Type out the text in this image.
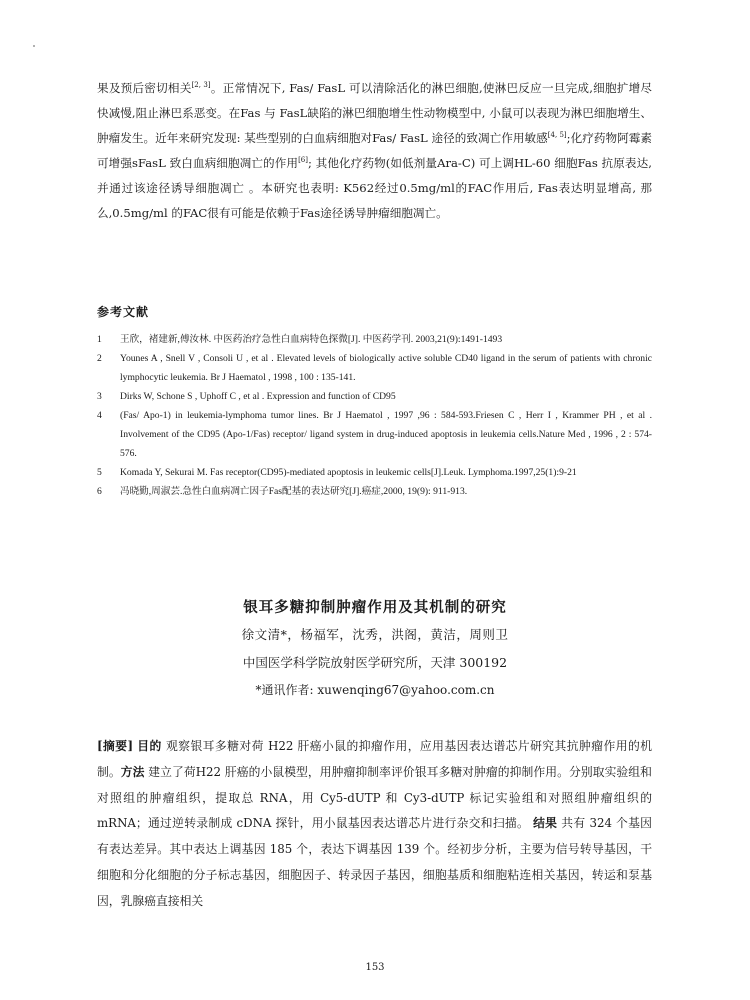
果及预后密切相关[2, 3]。正常情况下, Fas/ FasL 可以清除活化的淋巴细胞,使淋巴反应一旦完成,细胞扩增尽快减慢,阻止淋巴系恶变。在Fas 与 FasL缺陷的淋巴细胞增生性动物模型中, 小鼠可以表现为淋巴细胞增生、肿瘤发生。近年来研究发现: 某些型别的白血病细胞对Fas/ FasL 途径的致凋亡作用敏感[4, 5];化疗药物阿霉素可增强sFasL 致白血病细胞凋亡的作用[6]; 其他化疗药物(如低剂量Ara-C) 可上调HL-60 细胞Fas 抗原表达,并通过该途径诱导细胞凋亡 。本研究也表明: K562经过0.5mg/ml的FAC作用后, Fas表达明显增高, 那么,0.5mg/ml 的FAC很有可能是依赖于Fas途径诱导肿瘤细胞凋亡。

参考文献
1	王欣，褚建新,傅汝林. 中医药治疗急性白血病特色探微[J]. 中医药学刊. 2003,21(9):1491-1493
2	Younes A , Snell V , Consoli U , et al . Elevated levels of biologically active soluble CD40 ligand in the serum of patients with chronic lymphocytic leukemia. Br J Haematol , 1998 , 100 : 135-141.
3	Dirks W, Schone S , Uphoff C , et al . Expression and function of CD95
4	(Fas/ Apo-1) in leukemia-lymphoma tumor lines. Br J Haematol , 1997 ,96 : 584-593.Friesen C , Herr I , Krammer PH , et al . Involvement of the CD95 (Apo-1/Fas) receptor/ ligand system in drug-induced apoptosis in leukemia cells.Nature Med , 1996 , 2 : 574-576.
5	Komada Y, Sekurai M. Fas receptor(CD95)-mediated apoptosis in leukemic cells[J].Leuk. Lymphoma.1997,25(1):9-21
6	冯晓勤,周淑芸.急性白血病凋亡因子Fas配基的表达研究[J].癌症,2000, 19(9): 911-913.
银耳多糖抑制肿瘤作用及其机制的研究
徐文清*，杨福军，沈秀，洪阁，黄洁，周则卫
中国医学科学院放射医学研究所，天津 300192
*通讯作者: xuwenqing67@yahoo.com.cn
[摘要] 目的 观察银耳多糖对荷 H22 肝癌小鼠的抑瘤作用，应用基因表达谱芯片研究其抗肿瘤作用的机制。方法 建立了荷H22 肝癌的小鼠模型，用肿瘤抑制率评价银耳多糖对肿瘤的抑制作用。分别取实验组和对照组的肿瘤组织，提取总 RNA，用 Cy5-dUTP 和 Cy3-dUTP 标记实验组和对照组肿瘤组织的 mRNA；通过逆转录制成 cDNA 探针，用小鼠基因表达谱芯片进行杂交和扫描。 结果 共有 324 个基因有表达差异。其中表达上调基因 185 个，表达下调基因 139 个。经初步分析，主要为信号转导基因，干细胞和分化细胞的分子标志基因，细胞因子、转录因子基因，细胞基质和细胞粘连相关基因，转运和泵基因，乳腺癌直接相关
153
